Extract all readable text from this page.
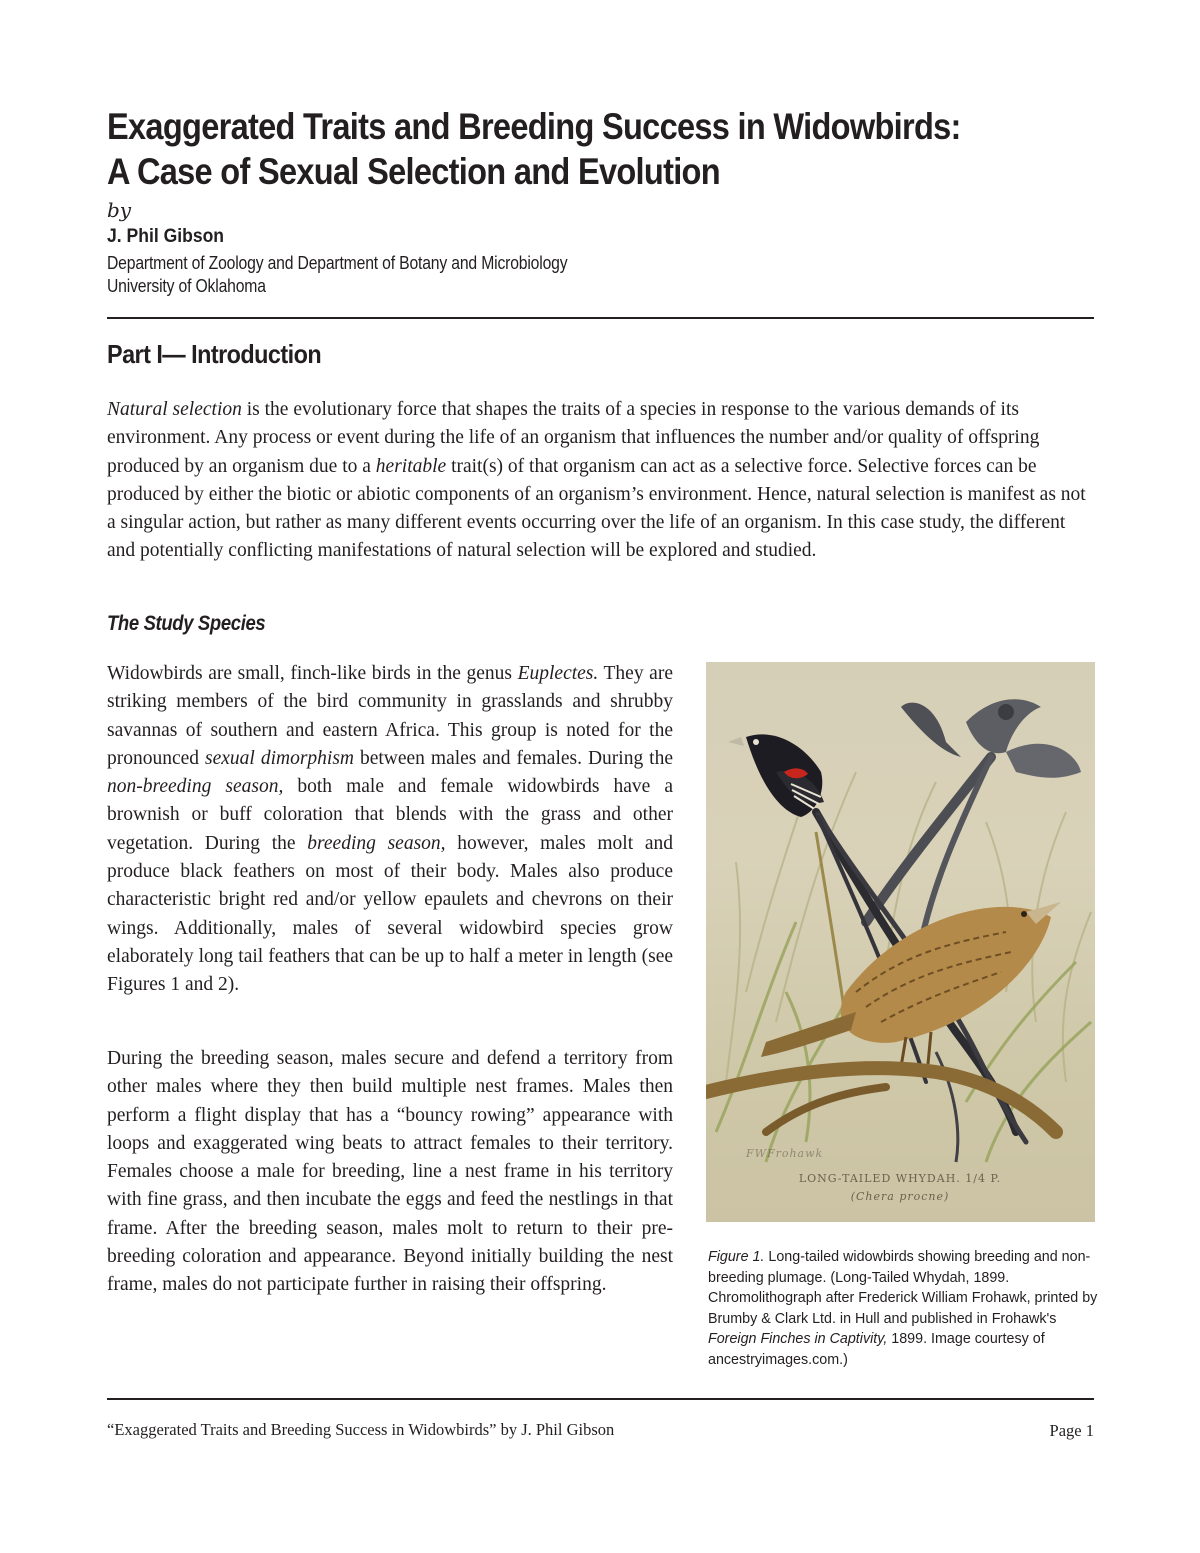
Exaggerated Traits and Breeding Success in Widowbirds:
A Case of Sexual Selection and Evolution
by
J. Phil Gibson
Department of Zoology and Department of Botany and Microbiology
University of Oklahoma
Part I— Introduction

Natural selection is the evolutionary force that shapes the traits of a species in response to the various demands of its environment. Any process or event during the life of an organism that influences the number and/or quality of offspring produced by an organism due to a heritable trait(s) of that organism can act as a selective force. Selective forces can be produced by either the biotic or abiotic components of an organism’s environment. Hence, natural selection is manifest as not a singular action, but rather as many different events occurring over the life of an organism. In this case study, the different and potentially conflicting manifestations of natural selection will be explored and studied.

The Study Species

Widowbirds are small, finch-like birds in the genus Euplectes. They are striking members of the bird community in grasslands and shrubby savannas of southern and eastern Africa. This group is noted for the pronounced sexual dimorphism between males and females. During the non-breeding season, both male and female widowbirds have a brownish or buff coloration that blends with the grass and other vegetation. During the breeding season, however, males molt and produce black feathers on most of their body. Males also produce characteristic bright red and/or yellow epaulets and chevrons on their wings. Additionally, males of several widowbird species grow elaborately long tail feathers that can be up to half a meter in length (see Figures 1 and 2).

During the breeding season, males secure and defend a territory from other males where they then build multiple nest frames. Males then perform a flight display that has a “bouncy rowing” appearance with loops and exaggerated wing beats to attract females to their territory. Females choose a male for breeding, line a nest frame in his territory with fine grass, and then incubate the eggs and feed the nestlings in that frame. After the breeding season, males molt to return to their pre-breeding coloration and appearance. Beyond initially building the nest frame, males do not participate further in raising their offspring.

FWFrohawk
LONG-TAILED WHYDAH. 1/4 P.
(Chera procne)

Figure 1. Long-tailed widowbirds showing breeding and non-breeding plumage. (Long-Tailed Whydah, 1899. Chromolithograph after Frederick William Frohawk, printed by Brumby & Clark Ltd. in Hull and published in Frohawk's Foreign Finches in Captivity, 1899. Image courtesy of ancestryimages.com.)

“Exaggerated Traits and Breeding Success in Widowbirds” by J. Phil Gibson	Page 1
